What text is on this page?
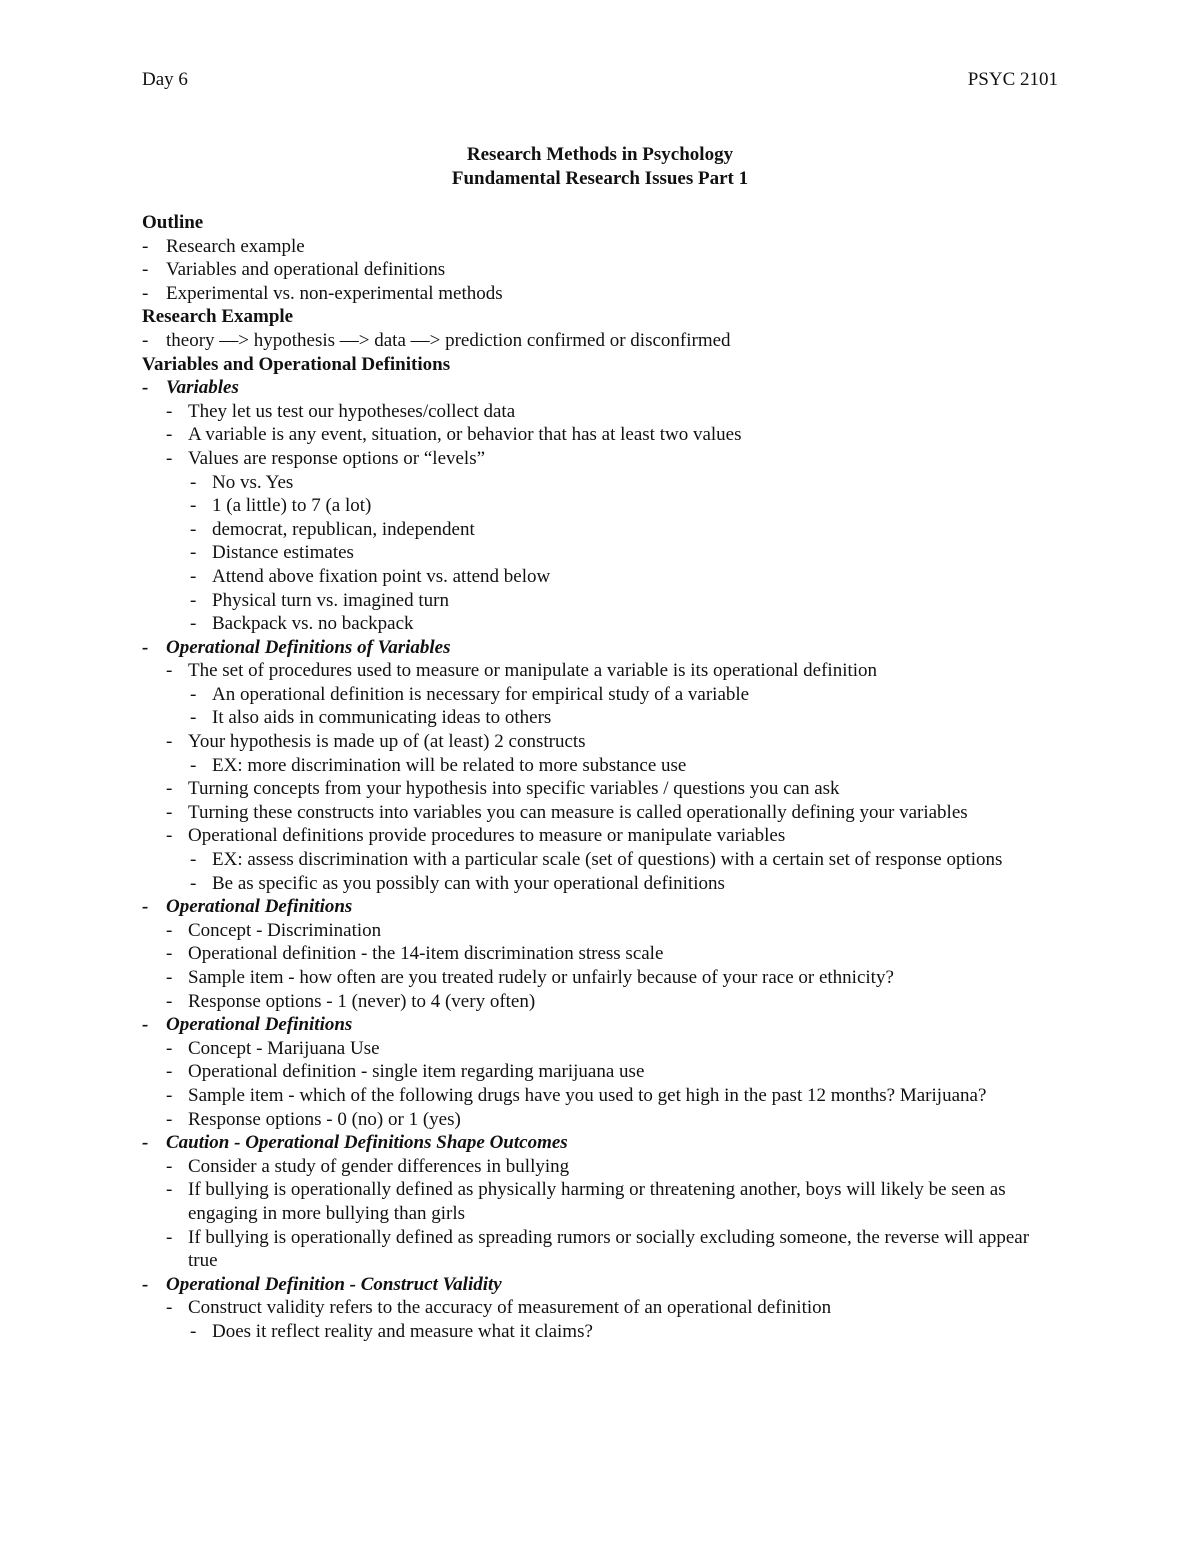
Day 6	PSYC 2101
Research Methods in Psychology
Fundamental Research Issues Part 1
Outline
- Research example
- Variables and operational definitions
- Experimental vs. non-experimental methods
Research Example
- theory —> hypothesis —> data —> prediction confirmed or disconfirmed
Variables and Operational Definitions
- Variables
- They let us test our hypotheses/collect data
- A variable is any event, situation, or behavior that has at least two values
- Values are response options or “levels”
- No vs. Yes
- 1 (a little) to 7 (a lot)
- democrat, republican, independent
- Distance estimates
- Attend above fixation point vs. attend below
- Physical turn vs. imagined turn
- Backpack vs. no backpack
- Operational Definitions of Variables
- The set of procedures used to measure or manipulate a variable is its operational definition
- An operational definition is necessary for empirical study of a variable
- It also aids in communicating ideas to others
- Your hypothesis is made up of (at least) 2 constructs
- EX: more discrimination will be related to more substance use
- Turning concepts from your hypothesis into specific variables / questions you can ask
- Turning these constructs into variables you can measure is called operationally defining your variables
- Operational definitions provide procedures to measure or manipulate variables
- EX: assess discrimination with a particular scale (set of questions) with a certain set of response options
- Be as specific as you possibly can with your operational definitions
- Operational Definitions
- Concept - Discrimination
- Operational definition - the 14-item discrimination stress scale
- Sample item - how often are you treated rudely or unfairly because of your race or ethnicity?
- Response options - 1 (never) to 4 (very often)
- Operational Definitions
- Concept - Marijuana Use
- Operational definition - single item regarding marijuana use
- Sample item - which of the following drugs have you used to get high in the past 12 months? Marijuana?
- Response options - 0 (no) or 1 (yes)
- Caution - Operational Definitions Shape Outcomes
- Consider a study of gender differences in bullying
- If bullying is operationally defined as physically harming or threatening another, boys will likely be seen as engaging in more bullying than girls
- If bullying is operationally defined as spreading rumors or socially excluding someone, the reverse will appear true
- Operational Definition - Construct Validity
- Construct validity refers to the accuracy of measurement of an operational definition
- Does it reflect reality and measure what it claims?
